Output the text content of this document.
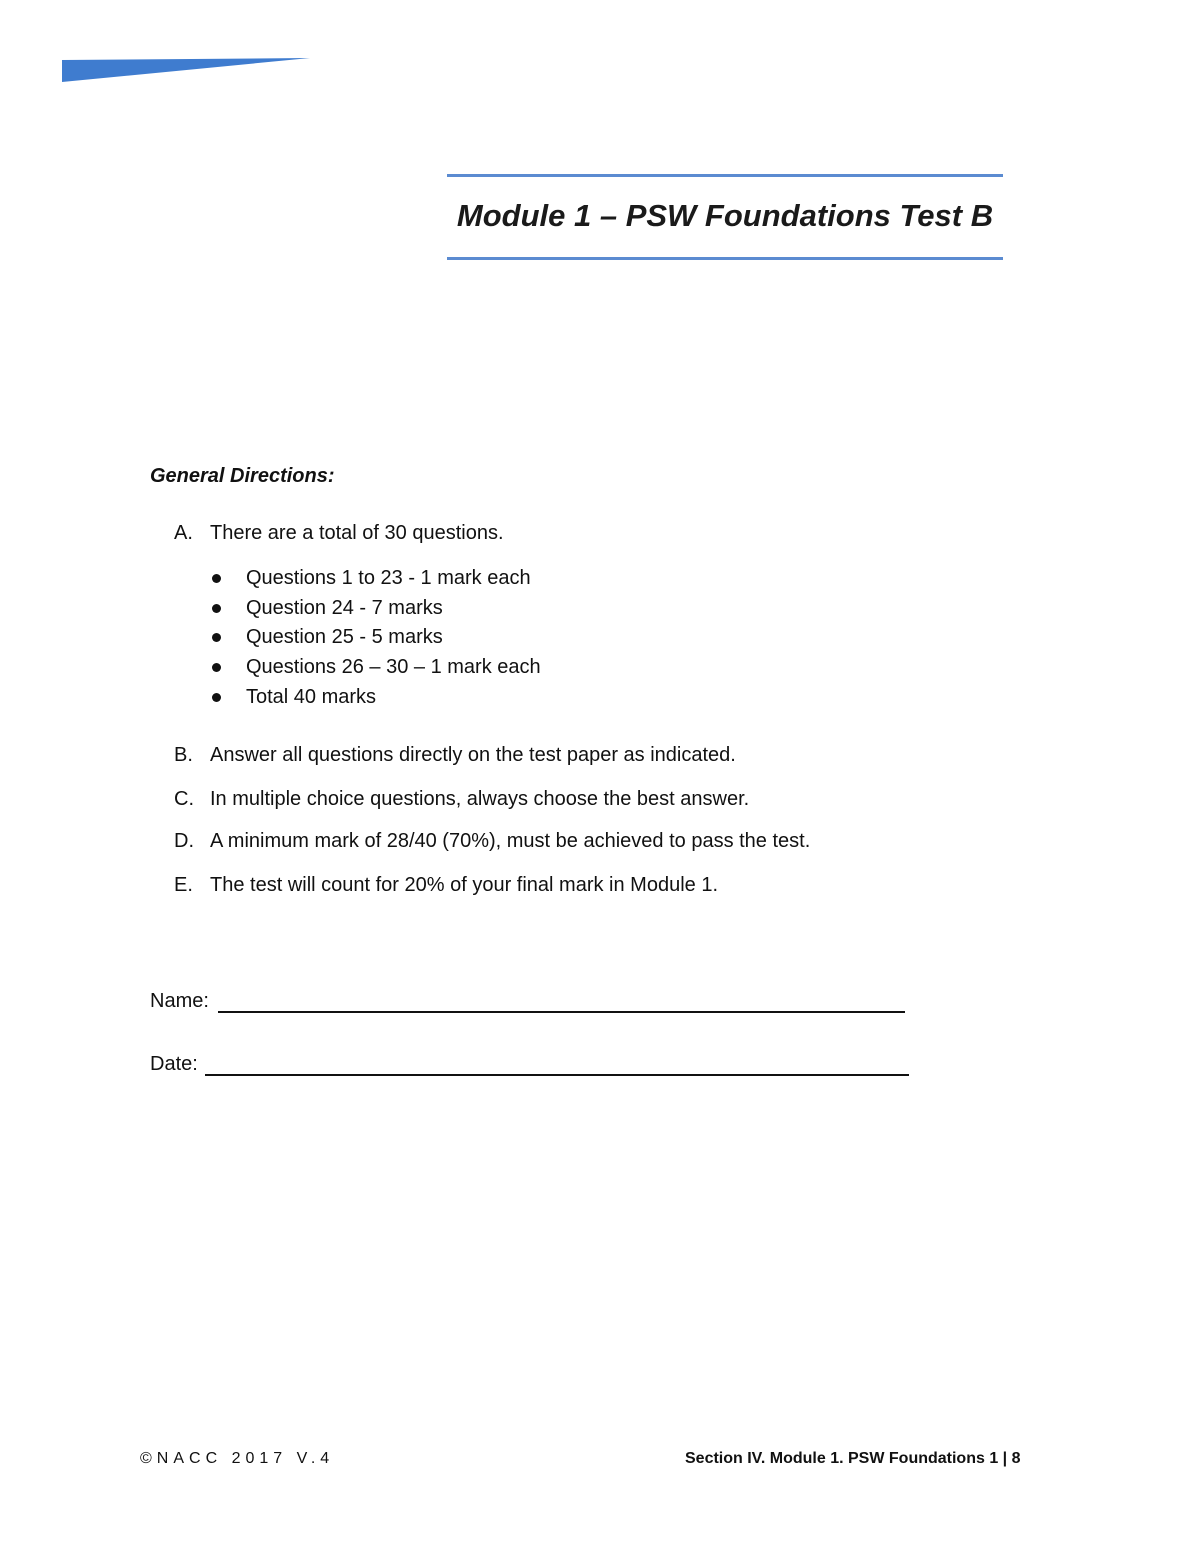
Module 1 – PSW Foundations Test B
General Directions:
A. There are a total of 30 questions.
Questions 1 to 23 - 1 mark each
Question 24 - 7 marks
Question 25 - 5 marks
Questions 26 – 30 – 1 mark each
Total 40 marks
B. Answer all questions directly on the test paper as indicated.
C. In multiple choice questions, always choose the best answer.
D. A minimum mark of 28/40 (70%), must be achieved to pass the test.
E. The test will count for 20% of your final mark in Module 1.
Name:
Date:
©NACC 2017 V.4	Section IV. Module 1. PSW Foundations 1 | 8
